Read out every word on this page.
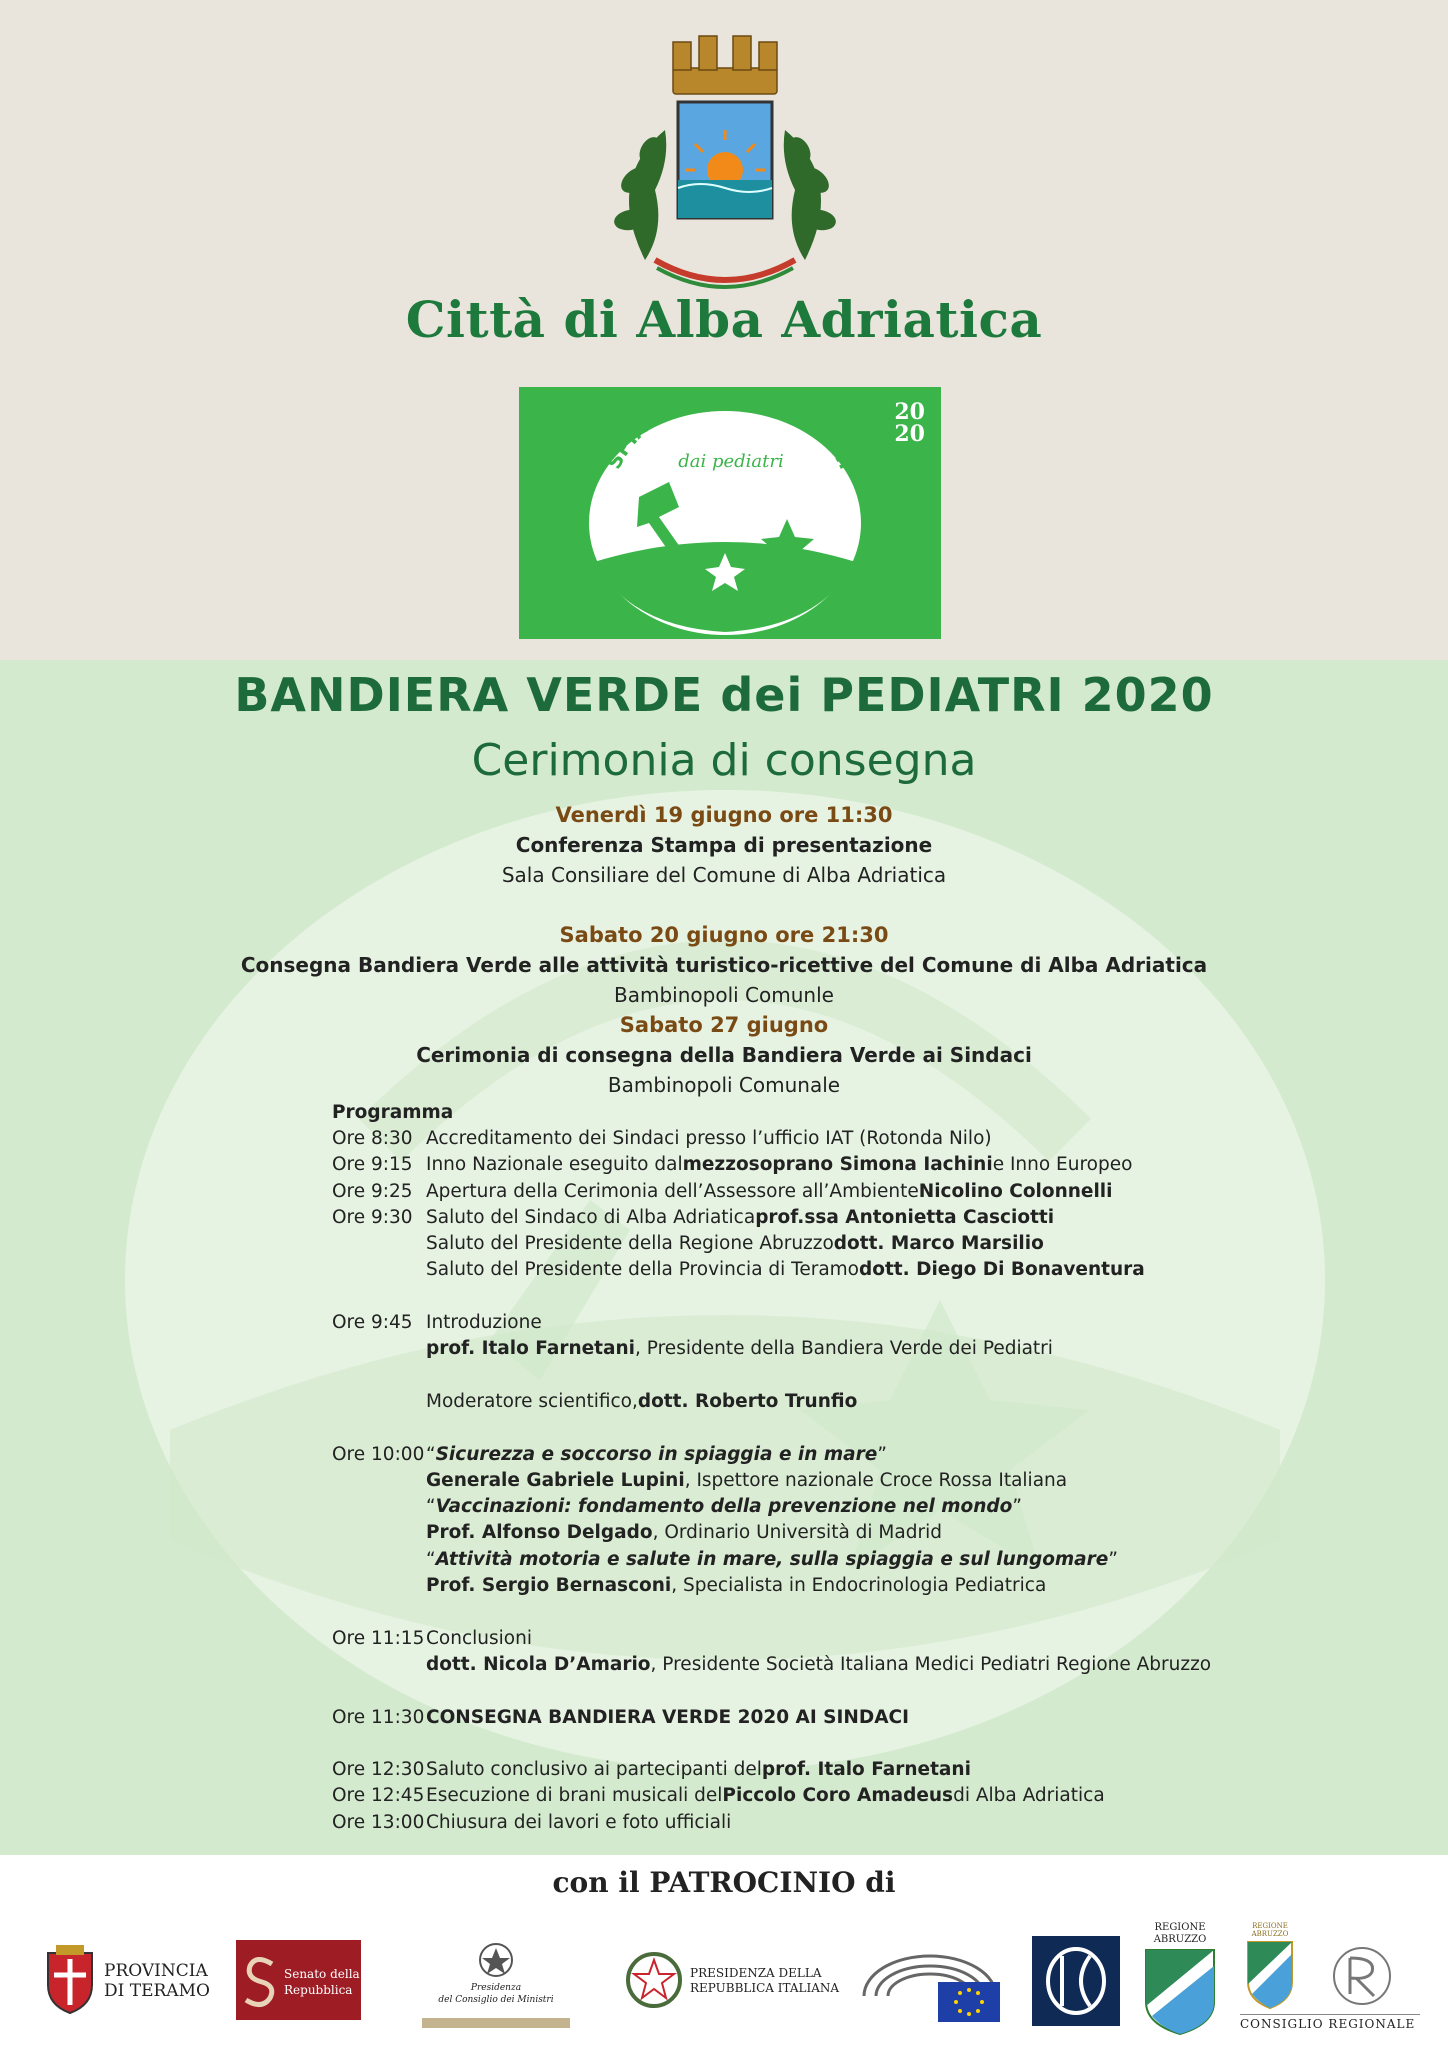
Città di Alba Adriatica
SPIAGGIA PER I BAMBINI
dai pediatri
20
20
BANDIERA VERDE dei PEDIATRI 2020
Cerimonia di consegna
Venerdì 19 giugno ore 11:30
Conferenza Stampa di presentazione
Sala Consiliare del Comune di Alba Adriatica
Sabato 20 giugno ore 21:30
Consegna Bandiera Verde alle attività turistico-ricettive del Comune di Alba Adriatica
Bambinopoli Comunle
Sabato 27 giugno
Cerimonia di consegna della Bandiera Verde ai Sindaci
Bambinopoli Comunale
Programma
Ore 8:30 Accreditamento dei Sindaci presso l’ufficio IAT (Rotonda Nilo)
Ore 9:15 Inno Nazionale eseguito dal mezzosoprano Simona Iachini e Inno Europeo
Ore 9:25 Apertura della Cerimonia dell’Assessore all’Ambiente Nicolino Colonnelli
Ore 9:30 Saluto del Sindaco di Alba Adriatica prof.ssa Antonietta Casciotti
Saluto del Presidente della Regione Abruzzo dott. Marco Marsilio
Saluto del Presidente della Provincia di Teramo dott. Diego Di Bonaventura
Ore 9:45 Introduzione
prof. Italo Farnetani , Presidente della Bandiera Verde dei Pediatri
Moderatore scientifico, dott. Roberto Trunfio
Ore 10:00 “ Sicurezza e soccorso in spiaggia e in mare ”
Generale Gabriele Lupini , Ispettore nazionale Croce Rossa Italiana
“ Vaccinazioni: fondamento della prevenzione nel mondo ”
Prof. Alfonso Delgado , Ordinario Università di Madrid
“ Attività motoria e salute in mare, sulla spiaggia e sul lungomare ”
Prof. Sergio Bernasconi , Specialista in Endocrinologia Pediatrica
Ore 11:15 Conclusioni
dott. Nicola D’Amario , Presidente Società Italiana Medici Pediatri Regione Abruzzo
Ore 11:30 CONSEGNA BANDIERA VERDE 2020 AI SINDACI
Ore 12:30 Saluto conclusivo ai partecipanti del prof. Italo Farnetani
Ore 12:45 Esecuzione di brani musicali del Piccolo Coro Amadeus di Alba Adriatica
Ore 13:00 Chiusura dei lavori e foto ufficiali
con il PATROCINIO di
PROVINCIA
DI TERAMO
Senato della
Repubblica	Presidenza
del Consiglio dei Ministri
PRESIDENZA DELLA
REPUBBLICA ITALIANA
REGIONE
ABRUZZO
REGIONE
ABRUZZO
CONSIGLIO REGIONALE
